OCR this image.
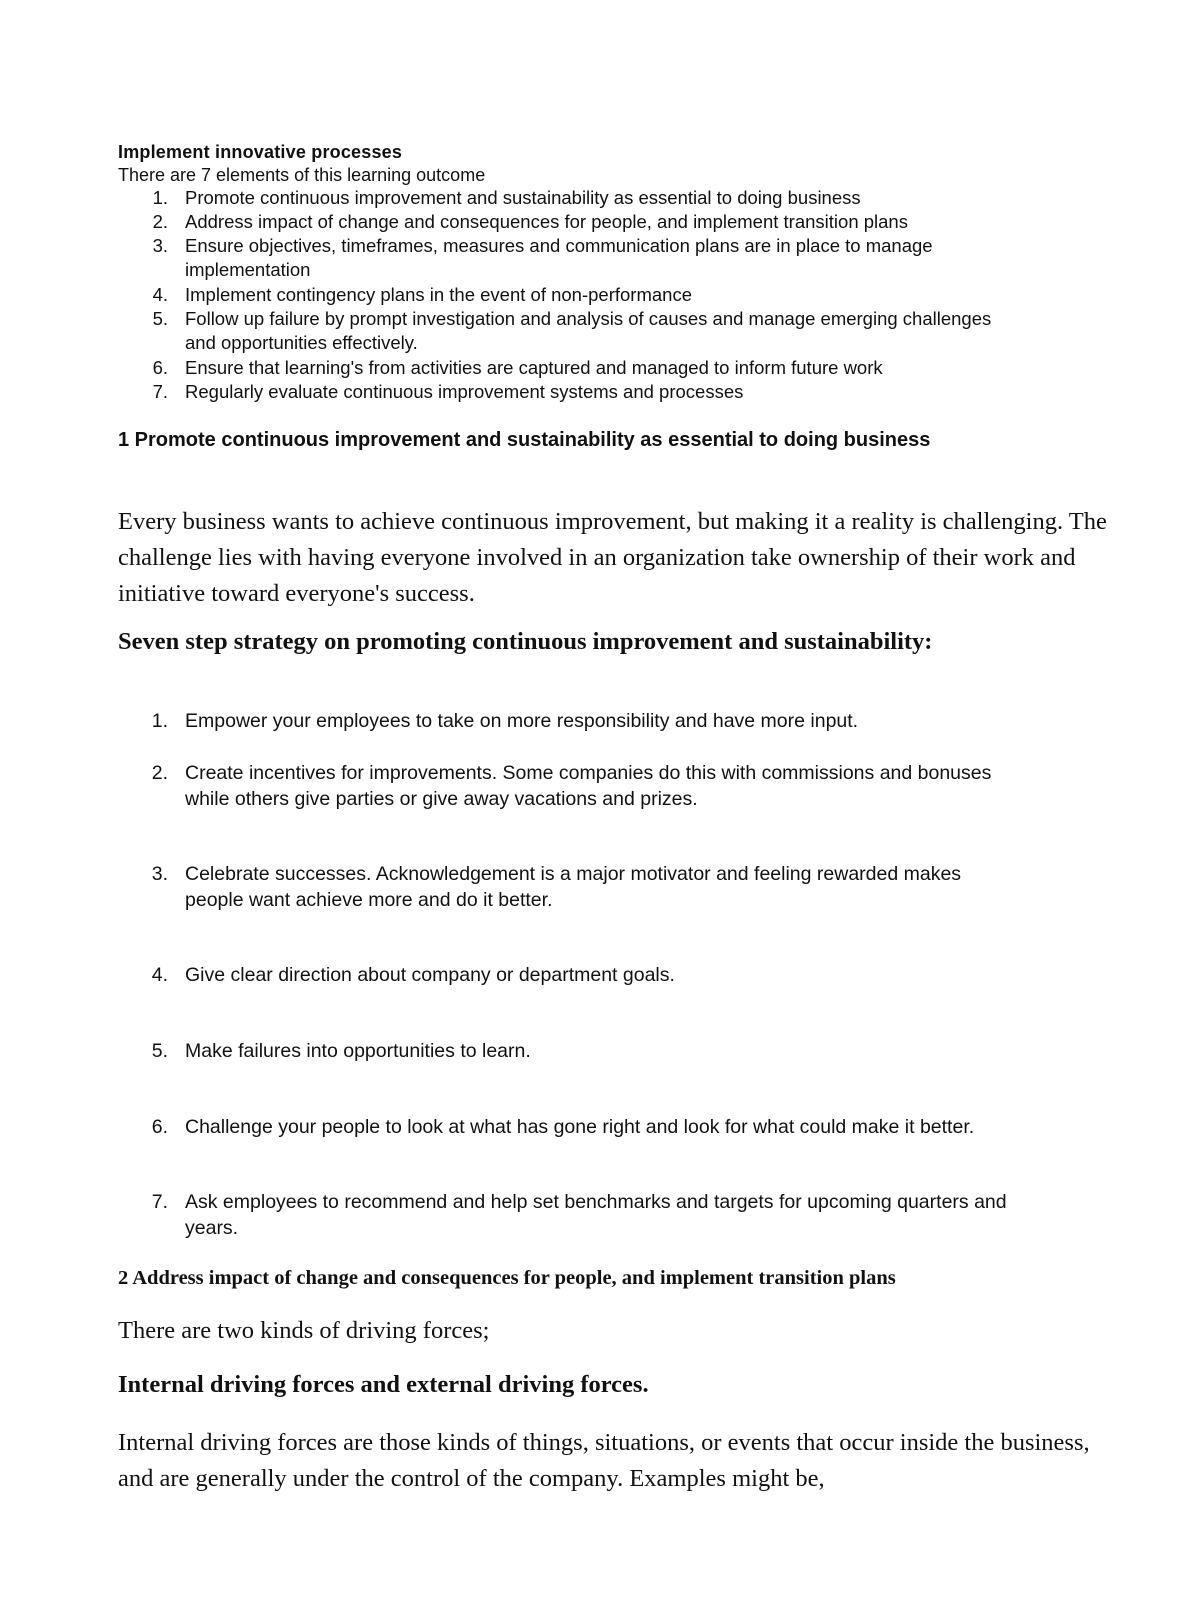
Implement innovative processes
There are 7 elements of this learning outcome
1. Promote continuous improvement and sustainability as essential to doing business
2. Address impact of change and consequences for people, and implement transition plans
3. Ensure objectives, timeframes, measures and communication plans are in place to manage
implementation
4. Implement contingency plans in the event of non-performance
5. Follow up failure by prompt investigation and analysis of causes and manage emerging challenges
and opportunities effectively.
6. Ensure that learning's from activities are captured and managed to inform future work
7. Regularly evaluate continuous improvement systems and processes
1 Promote continuous improvement and sustainability as essential to doing business
Every business wants to achieve continuous improvement, but making it a reality is challenging. The challenge lies with having everyone involved in an organization take ownership of their work and initiative toward everyone's success.
Seven step strategy on promoting continuous improvement and sustainability:
1. Empower your employees to take on more responsibility and have more input.
2. Create incentives for improvements. Some companies do this with commissions and bonuses
while others give parties or give away vacations and prizes.
3. Celebrate successes. Acknowledgement is a major motivator and feeling rewarded makes
people want achieve more and do it better.
4. Give clear direction about company or department goals.
5. Make failures into opportunities to learn.
6. Challenge your people to look at what has gone right and look for what could make it better.
7. Ask employees to recommend and help set benchmarks and targets for upcoming quarters and
years.
2 Address impact of change and consequences for people, and implement transition plans
There are two kinds of driving forces;
Internal driving forces and external driving forces.
Internal driving forces are those kinds of things, situations, or events that occur inside the business, and are generally under the control of the company. Examples might be,
